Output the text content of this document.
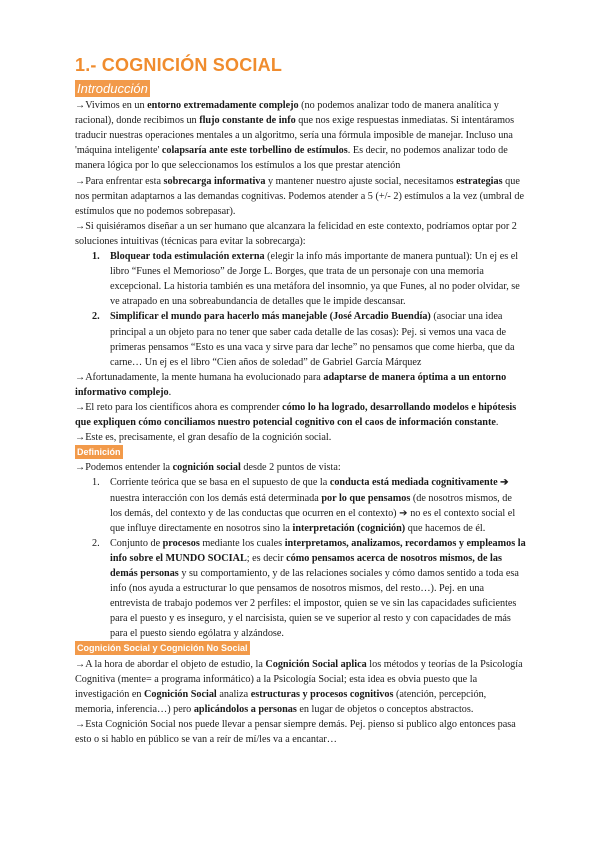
1.- COGNICIÓN SOCIAL
Introducción

→Vivimos en un entorno extremadamente complejo (no podemos analizar todo de manera analítica y racional), donde recibimos un flujo constante de info que nos exige respuestas inmediatas. Si intentáramos traducir nuestras operaciones mentales a un algoritmo, sería una fórmula imposible de manejar. Incluso una 'máquina inteligente' colapsaría ante este torbellino de estímulos. Es decir, no podemos analizar todo de manera lógica por lo que seleccionamos los estímulos a los que prestar atención

→Para enfrentar esta sobrecarga informativa y mantener nuestro ajuste social, necesitamos estrategias que nos permitan adaptarnos a las demandas cognitivas. Podemos atender a 5 (+/- 2) estímulos a la vez (umbral de estímulos que no podemos sobrepasar).

→Si quisiéramos diseñar a un ser humano que alcanzara la felicidad en este contexto, podríamos optar por 2 soluciones intuitivas (técnicas para evitar la sobrecarga):

1. Bloquear toda estimulación externa (elegir la info más importante de manera puntual): Un ej es el libro “Funes el Memorioso” de Jorge L. Borges, que trata de un personaje con una memoria excepcional. La historia también es una metáfora del insomnio, ya que Funes, al no poder olvidar, se ve atrapado en una sobreabundancia de detalles que le impide descansar.
2. Simplificar el mundo para hacerlo más manejable (José Arcadio Buendía) (asociar una idea principal a un objeto para no tener que saber cada detalle de las cosas): Pej. si vemos una vaca de primeras pensamos “Esto es una vaca y sirve para dar leche” no pensamos que come hierba, que da carne… Un ej es el libro “Cien años de soledad” de Gabriel García Márquez

→Afortunadamente, la mente humana ha evolucionado para adaptarse de manera óptima a un entorno informativo complejo.

→El reto para los científicos ahora es comprender cómo lo ha logrado, desarrollando modelos e hipótesis que expliquen cómo conciliamos nuestro potencial cognitivo con el caos de información constante.

→Este es, precisamente, el gran desafío de la cognición social.

Definición

→Podemos entender la cognición social desde 2 puntos de vista:

1. Corriente teórica que se basa en el supuesto de que la conducta está mediada cognitivamente ➔ nuestra interacción con los demás está determinada por lo que pensamos (de nosotros mismos, de los demás, del contexto y de las conductas que ocurren en el contexto) ➔ no es el contexto social el que influye directamente en nosotros sino la interpretación (cognición) que hacemos de él.
2. Conjunto de procesos mediante los cuales interpretamos, analizamos, recordamos y empleamos la info sobre el MUNDO SOCIAL; es decir cómo pensamos acerca de nosotros mismos, de las demás personas y su comportamiento, y de las relaciones sociales y cómo damos sentido a toda esa info (nos ayuda a estructurar lo que pensamos de nosotros mismos, del resto…). Pej. en una entrevista de trabajo podemos ver 2 perfiles: el impostor, quien se ve sin las capacidades suficientes para el puesto y es inseguro, y el narcisista, quien se ve superior al resto y con capacidades de más para el puesto siendo ególatra y alzándose.
Cognición Social y Cognición No Social

→A la hora de abordar el objeto de estudio, la Cognición Social aplica los métodos y teorías de la Psicología Cognitiva (mente= a programa informático) a la Psicología Social; esta idea es obvia puesto que la investigación en Cognición Social analiza estructuras y procesos cognitivos (atención, percepción, memoria, inferencia…) pero aplicándolos a personas en lugar de objetos o conceptos abstractos.

→Esta Cognición Social nos puede llevar a pensar siempre demás. Pej. pienso si publico algo entonces pasa esto o si hablo en público se van a reír de mí/les va a encantar…
